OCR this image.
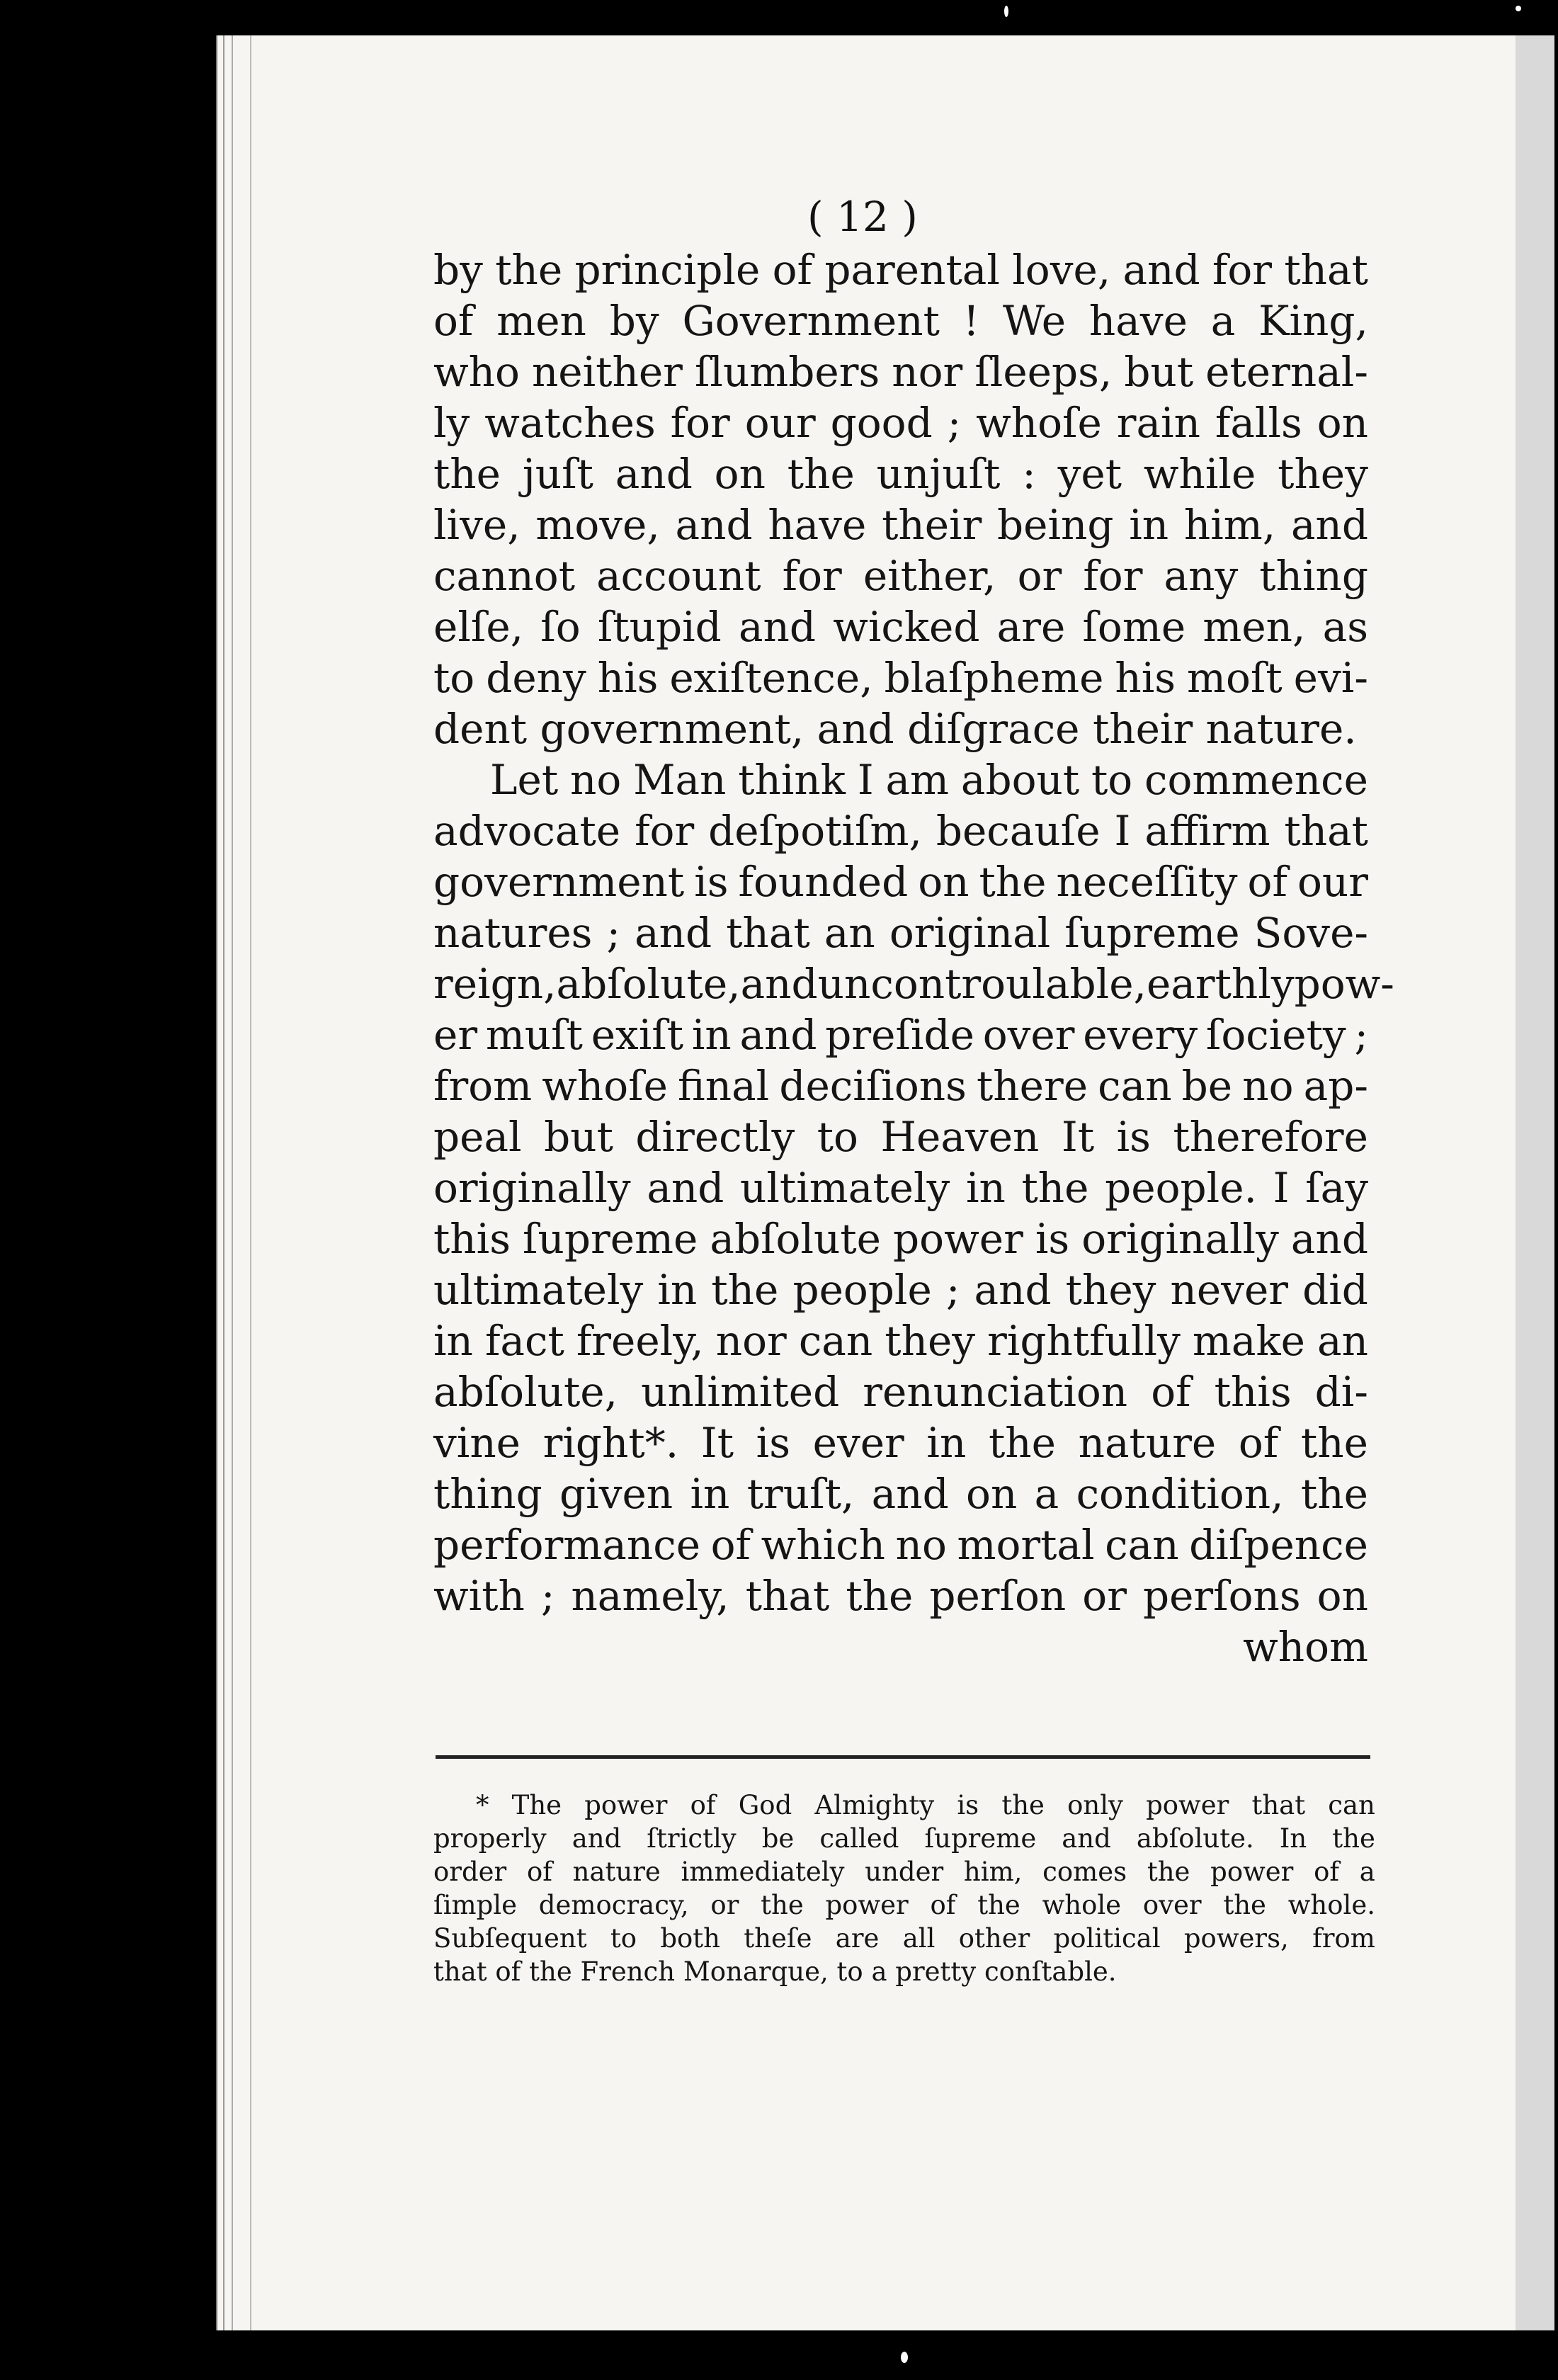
( 12 )
by the principle of parental love, and for that
of men by Government ! We have a King,
who neither ſlumbers nor ſleeps, but eternal-
ly watches for our good ; whoſe rain falls on
the juſt and on the unjuſt : yet while they
live, move, and have their being in him, and
cannot account for either, or for any thing
elſe, ſo ſtupid and wicked are ſome men, as
to deny his exiſtence, blaſpheme his moſt evi-
dent government, and diſgrace their nature.
Let no Man think I am about to commence
advocate for deſpotiſm, becauſe I affirm that
government is founded on the neceſſity of our
natures ; and that an original ſupreme Sove-
reign,abſolute,and uncontroulable,earthly pow-
er muſt exiſt in and preſide over every ſociety ;
from whoſe final deciſions there can be no ap-
peal but directly to Heaven It is therefore
originally and ultimately in the people. I ſay
this ſupreme abſolute power is originally and
ultimately in the people ; and they never did
in fact freely, nor can they rightfully make an
abſolute, unlimited renunciation of this di-
vine right*. It is ever in the nature of the
thing given in truſt, and on a condition, the
performance of which no mortal can diſpence
with ; namely, that the perſon or perſons on
whom
* The power of God Almighty is the only power that can
properly and ſtrictly be called ſupreme and abſolute. In the
order of nature immediately under him, comes the power of a
ſimple democracy, or the power of the whole over the whole.
Subſequent to both theſe are all other political powers, from
that of the French Monarque, to a pretty conſtable.
